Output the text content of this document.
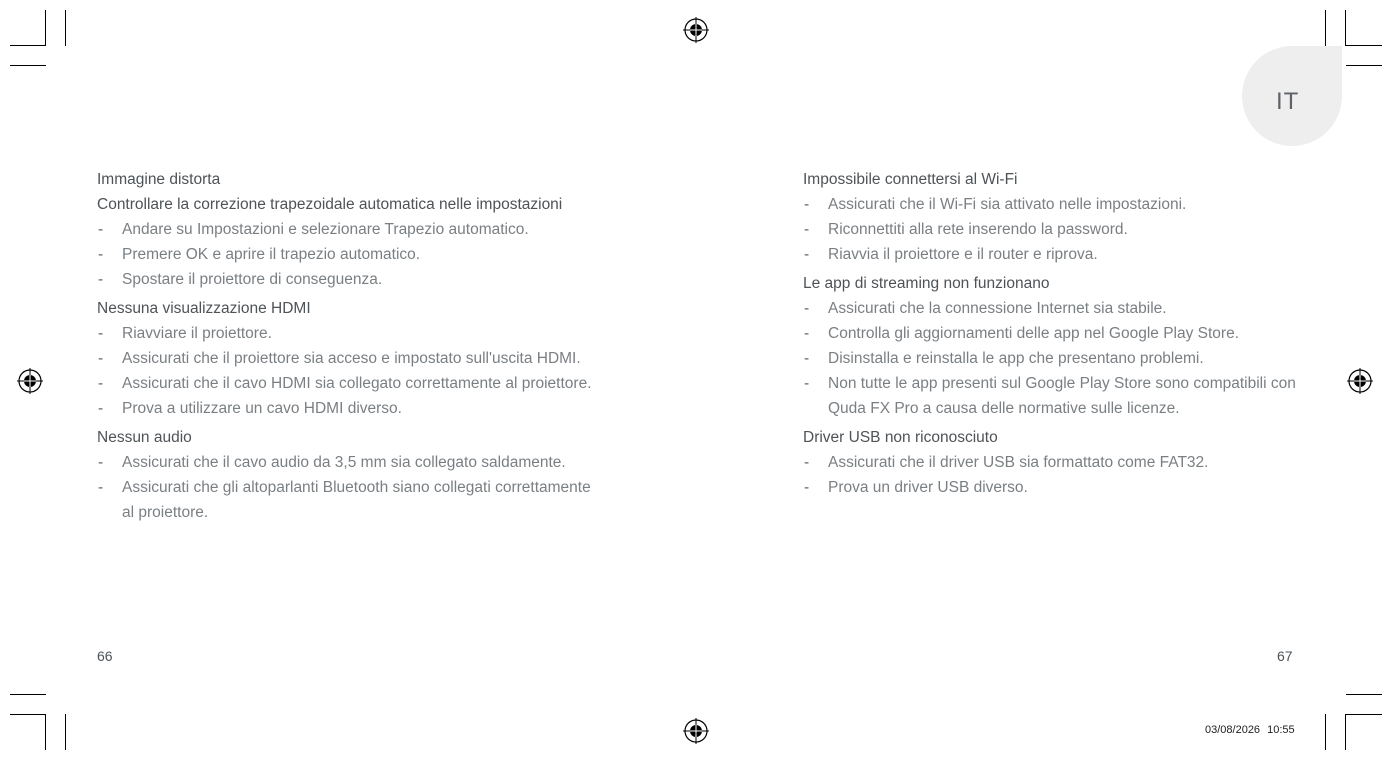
IT

Immagine distorta

Controllare la correzione trapezoidale automatica nelle impostazioni

- Andare su Impostazioni e selezionare Trapezio automatico.
- Premere OK e aprire il trapezio automatico.
- Spostare il proiettore di conseguenza.

Nessuna visualizzazione HDMI

- Riavviare il proiettore.
- Assicurati che il proiettore sia acceso e impostato sull'uscita HDMI.
- Assicurati che il cavo HDMI sia collegato correttamente al proiettore.
- Prova a utilizzare un cavo HDMI diverso.

Nessun audio

- Assicurati che il cavo audio da 3,5 mm sia collegato saldamente.
- Assicurati che gli altoparlanti Bluetooth siano collegati correttamente al proiettore.

Impossibile connettersi al Wi-Fi

- Assicurati che il Wi-Fi sia attivato nelle impostazioni.
- Riconnettiti alla rete inserendo la password.
- Riavvia il proiettore e il router e riprova.

Le app di streaming non funzionano

- Assicurati che la connessione Internet sia stabile.
- Controlla gli aggiornamenti delle app nel Google Play Store.
- Disinstalla e reinstalla le app che presentano problemi.
- Non tutte le app presenti sul Google Play Store sono compatibili con Quda FX Pro a causa delle normative sulle licenze.

Driver USB non riconosciuto

- Assicurati che il driver USB sia formattato come FAT32.
- Prova un driver USB diverso.
66	67
03/08/2026 10:55
